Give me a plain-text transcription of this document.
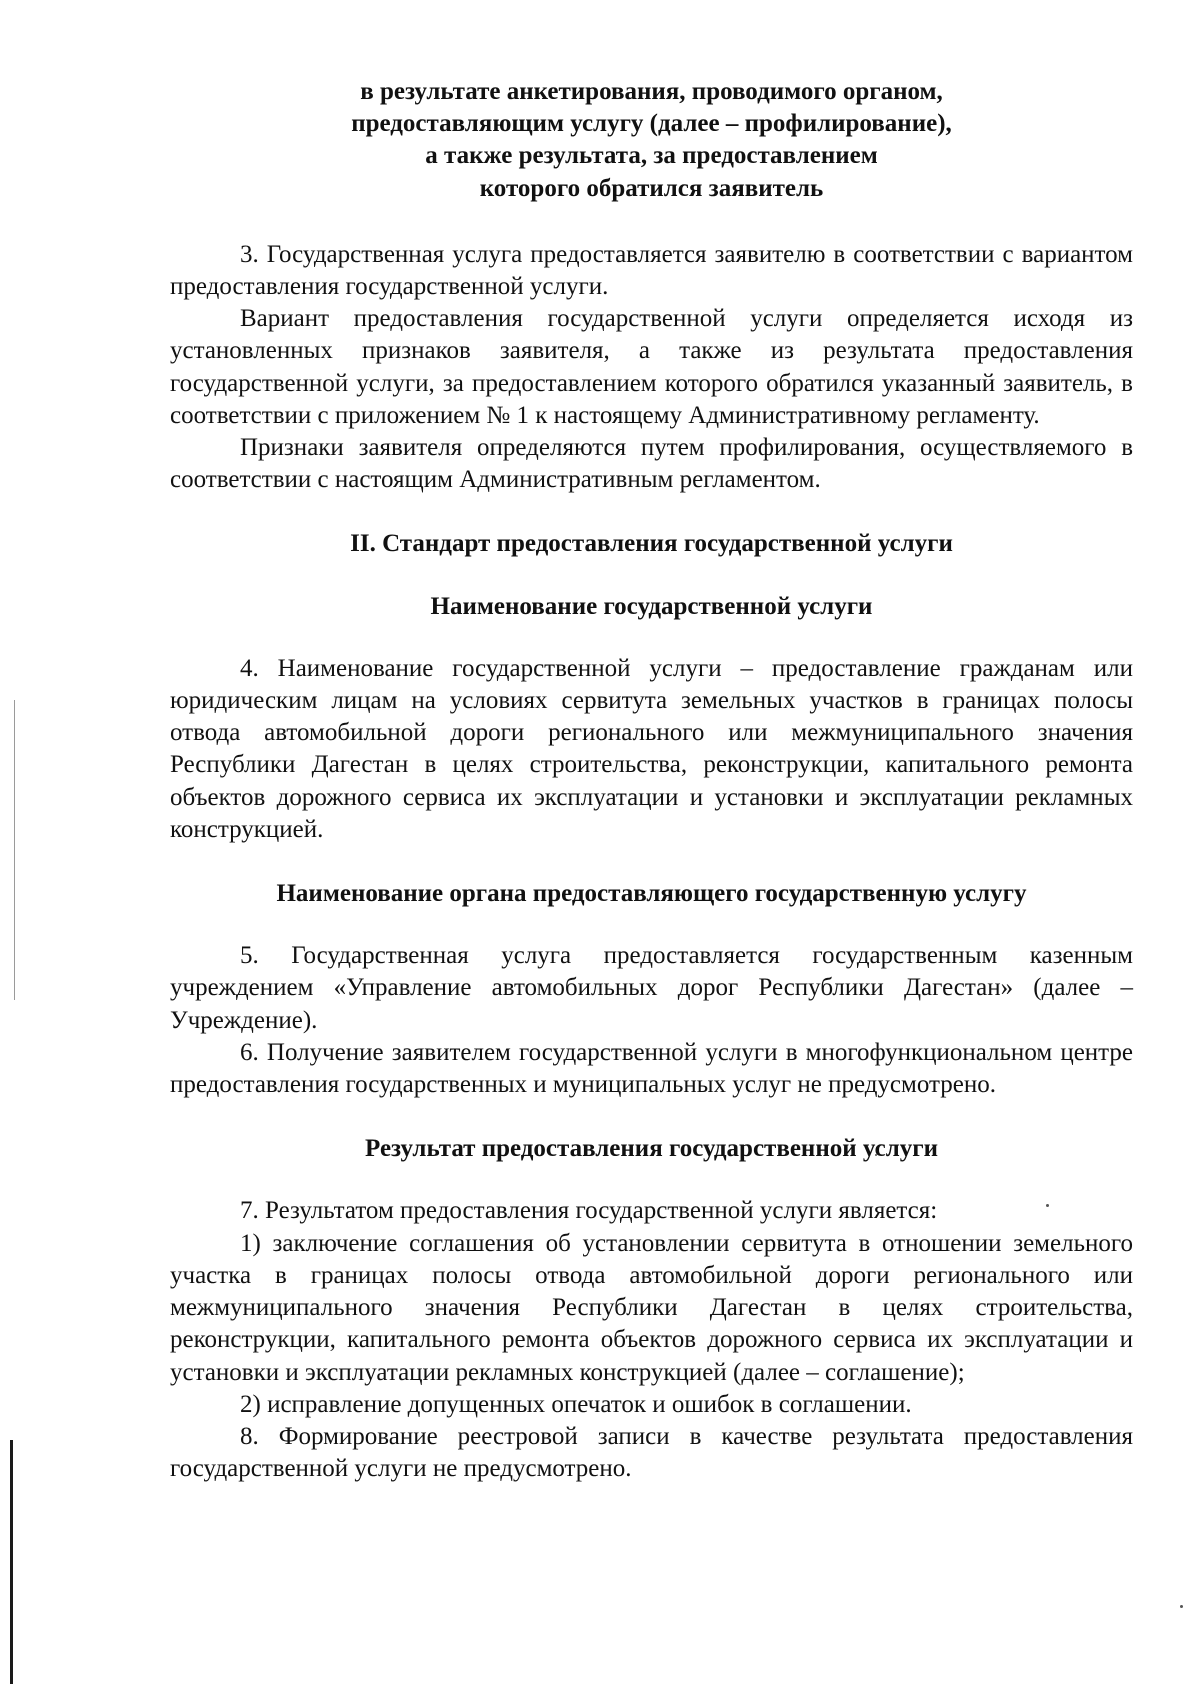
в результате анкетирования, проводимого органом,

предоставляющим услугу (далее – профилирование),

а также результата, за предоставлением

которого обратился заявитель

3. Государственная услуга предоставляется заявителю в соответствии с вариантом предоставления государственной услуги.

Вариант предоставления государственной услуги определяется исходя из установленных признаков заявителя, а также из результата предоставления государственной услуги, за предоставлением которого обратился указанный заявитель, в соответствии с приложением № 1 к настоящему Административному регламенту.

Признаки заявителя определяются путем профилирования, осуществляемого в соответствии с настоящим Административным регламентом.

II. Стандарт предоставления государственной услуги

Наименование государственной услуги

4. Наименование государственной услуги – предоставление гражданам или юридическим лицам на условиях сервитута земельных участков в границах полосы отвода автомобильной дороги регионального или межмуниципального значения Республики Дагестан в целях строительства, реконструкции, капитального ремонта объектов дорожного сервиса их эксплуатации и установки и эксплуатации рекламных конструкцией.

Наименование органа предоставляющего государственную услугу

5. Государственная услуга предоставляется государственным казенным учреждением «Управление автомобильных дорог Республики Дагестан» (далее – Учреждение).

6. Получение заявителем государственной услуги в многофункциональном центре предоставления государственных и муниципальных услуг не предусмотрено.

Результат предоставления государственной услуги

7. Результатом предоставления государственной услуги является:

1) заключение соглашения об установлении сервитута в отношении земельного участка в границах полосы отвода автомобильной дороги регионального или межмуниципального значения Республики Дагестан в целях строительства, реконструкции, капитального ремонта объектов дорожного сервиса их эксплуатации и установки и эксплуатации рекламных конструкцией (далее – соглашение);

2) исправление допущенных опечаток и ошибок в соглашении.

8. Формирование реестровой записи в качестве результата предоставления государственной услуги не предусмотрено.
